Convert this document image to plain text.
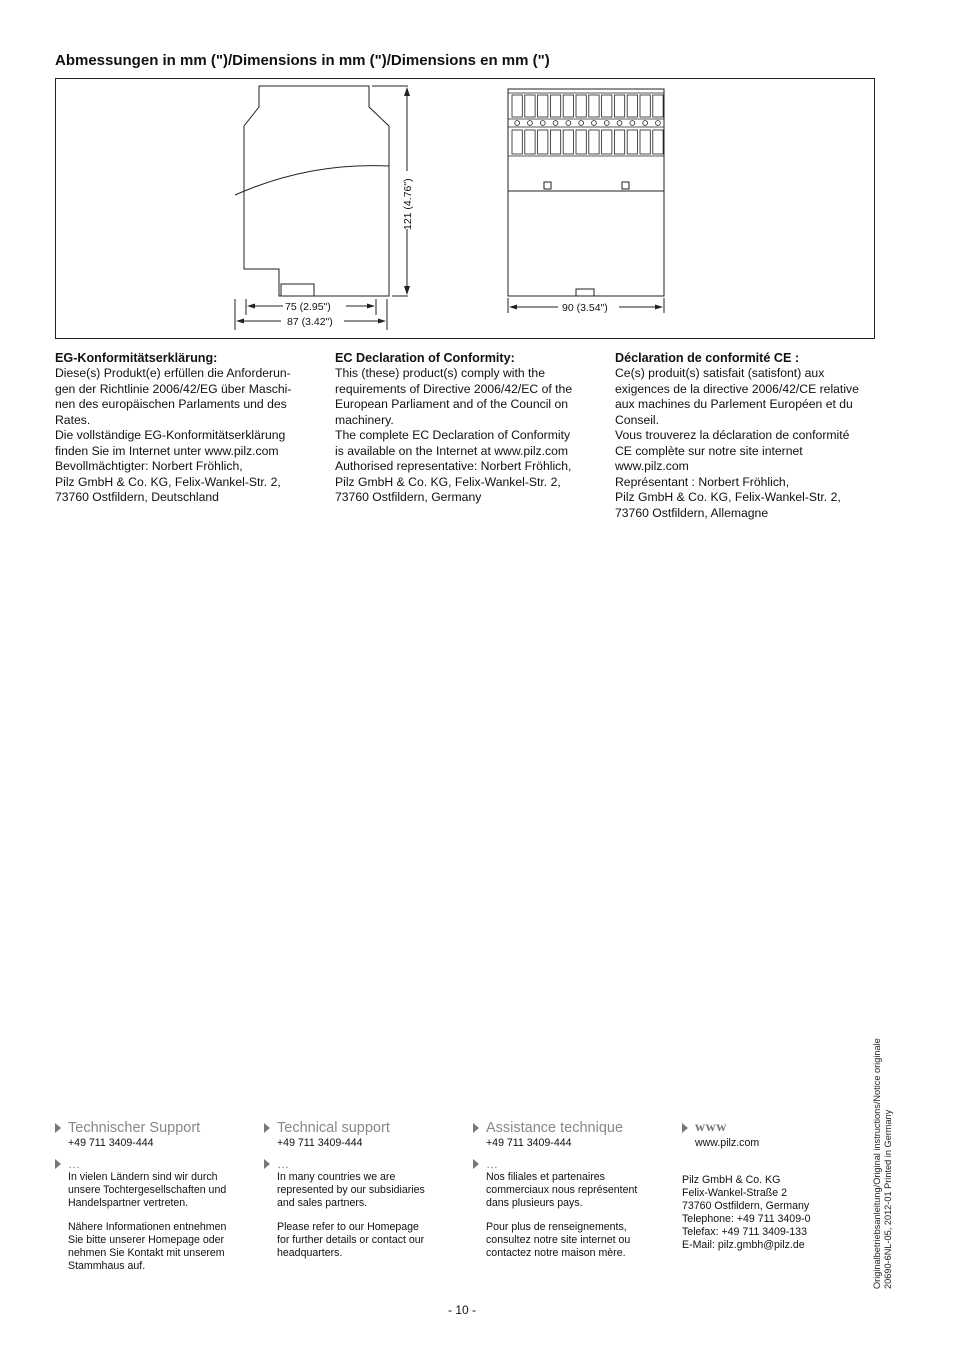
Abmessungen in mm (")/Dimensions in mm (")/Dimensions en mm (")
121 (4.76")
75 (2.95")
87 (3.42")
90 (3.54")
EG-Konformitätserklärung:

Diese(s) Produkt(e) erfüllen die Anforderun-

gen der Richtlinie 2006/42/EG über Maschi-

nen des europäischen Parlaments und des

Rates.

Die vollständige EG-Konformitätserklärung

finden Sie im Internet unter www.pilz.com

Bevollmächtigter: Norbert Fröhlich,

Pilz GmbH & Co. KG, Felix-Wankel-Str. 2,

73760 Ostfildern, Deutschland

EC Declaration of Conformity:

This (these) product(s) comply with the

requirements of Directive 2006/42/EC of the

European Parliament and of the Council on

machinery.

The complete EC Declaration of Conformity

is available on the Internet at www.pilz.com

Authorised representative: Norbert Fröhlich,

Pilz GmbH & Co. KG, Felix-Wankel-Str. 2,

73760 Ostfildern, Germany

Déclaration de conformité CE :

Ce(s) produit(s) satisfait (satisfont) aux

exigences de la directive 2006/42/CE relative

aux machines du Parlement Européen et du

Conseil.

Vous trouverez la déclaration de conformité

CE complète sur notre site internet

www.pilz.com

Représentant : Norbert Fröhlich,

Pilz GmbH & Co. KG, Felix-Wankel-Str. 2,

73760 Ostfildern, Allemagne

Technischer Support
+49 711 3409-444
…

In vielen Ländern sind wir durch
unsere Tochtergesellschaften und
Handelspartner vertreten.

Nähere Informationen entnehmen
Sie bitte unserer Homepage oder
nehmen Sie Kontakt mit unserem
Stammhaus auf.

Technical support
+49 711 3409-444
…

In many countries we are
represented by our subsidiaries
and sales partners.

Please refer to our Homepage
for further details or contact our
headquarters.

Assistance technique
+49 711 3409-444
…

Nos filiales et partenaires
commerciaux nous représentent
dans plusieurs pays.

Pour plus de renseignements,
consultez notre site internet ou
contactez notre maison mère.

www
www.pilz.com
Pilz GmbH & Co. KG
Felix-Wankel-Straße 2
73760 Ostfildern, Germany
Telephone: +49 711 3409-0
Telefax: +49 711 3409-133
E-Mail: pilz.gmbh@pilz.de
- 10 -
Originalbetriebsanleitung/Original instructions/Notice originale 20690-6NL-05, 2012-01 Printed in Germany
